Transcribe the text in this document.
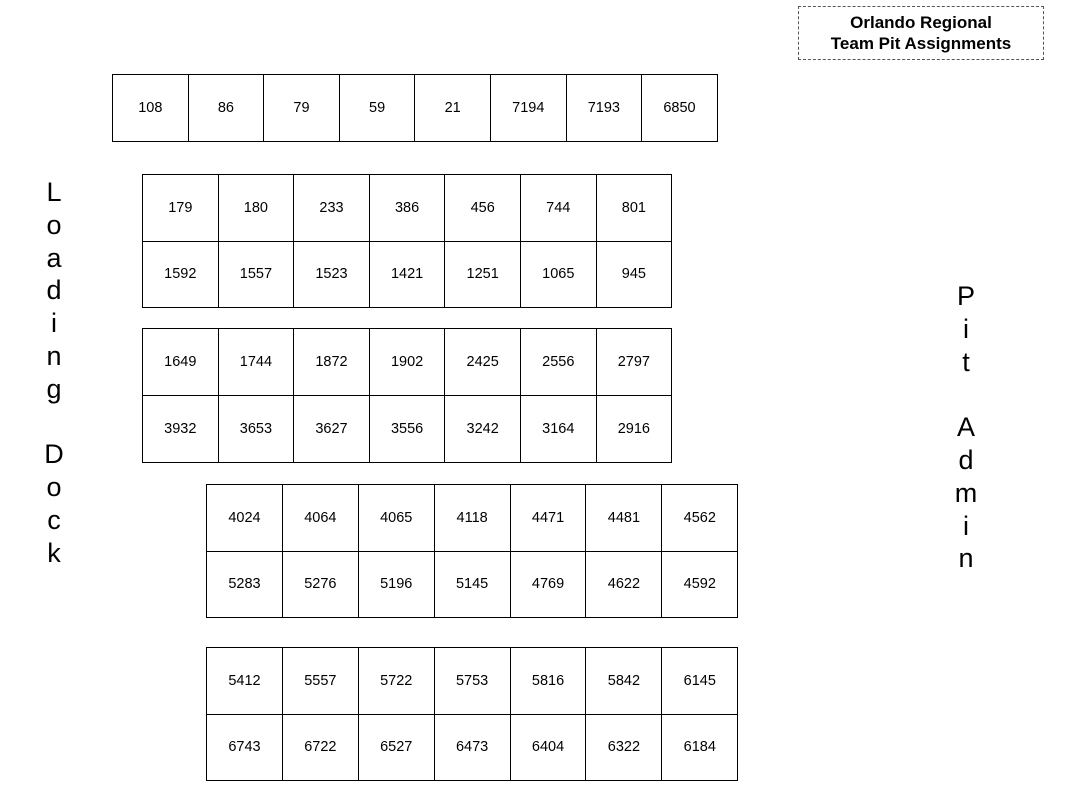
Orlando Regional
Team Pit Assignments
L
o
a
d
i
n
g
D
o
c
k
P
i
t
A
d
m
i
n
108	86	79	59	21	7194	7193	6850
179	180	233	386	456	744	801
1592	1557	1523	1421	1251	1065	945
1649	1744	1872	1902	2425	2556	2797
3932	3653	3627	3556	3242	3164	2916
4024	4064	4065	4118	4471	4481	4562
5283	5276	5196	5145	4769	4622	4592
5412	5557	5722	5753	5816	5842	6145
6743	6722	6527	6473	6404	6322	6184
